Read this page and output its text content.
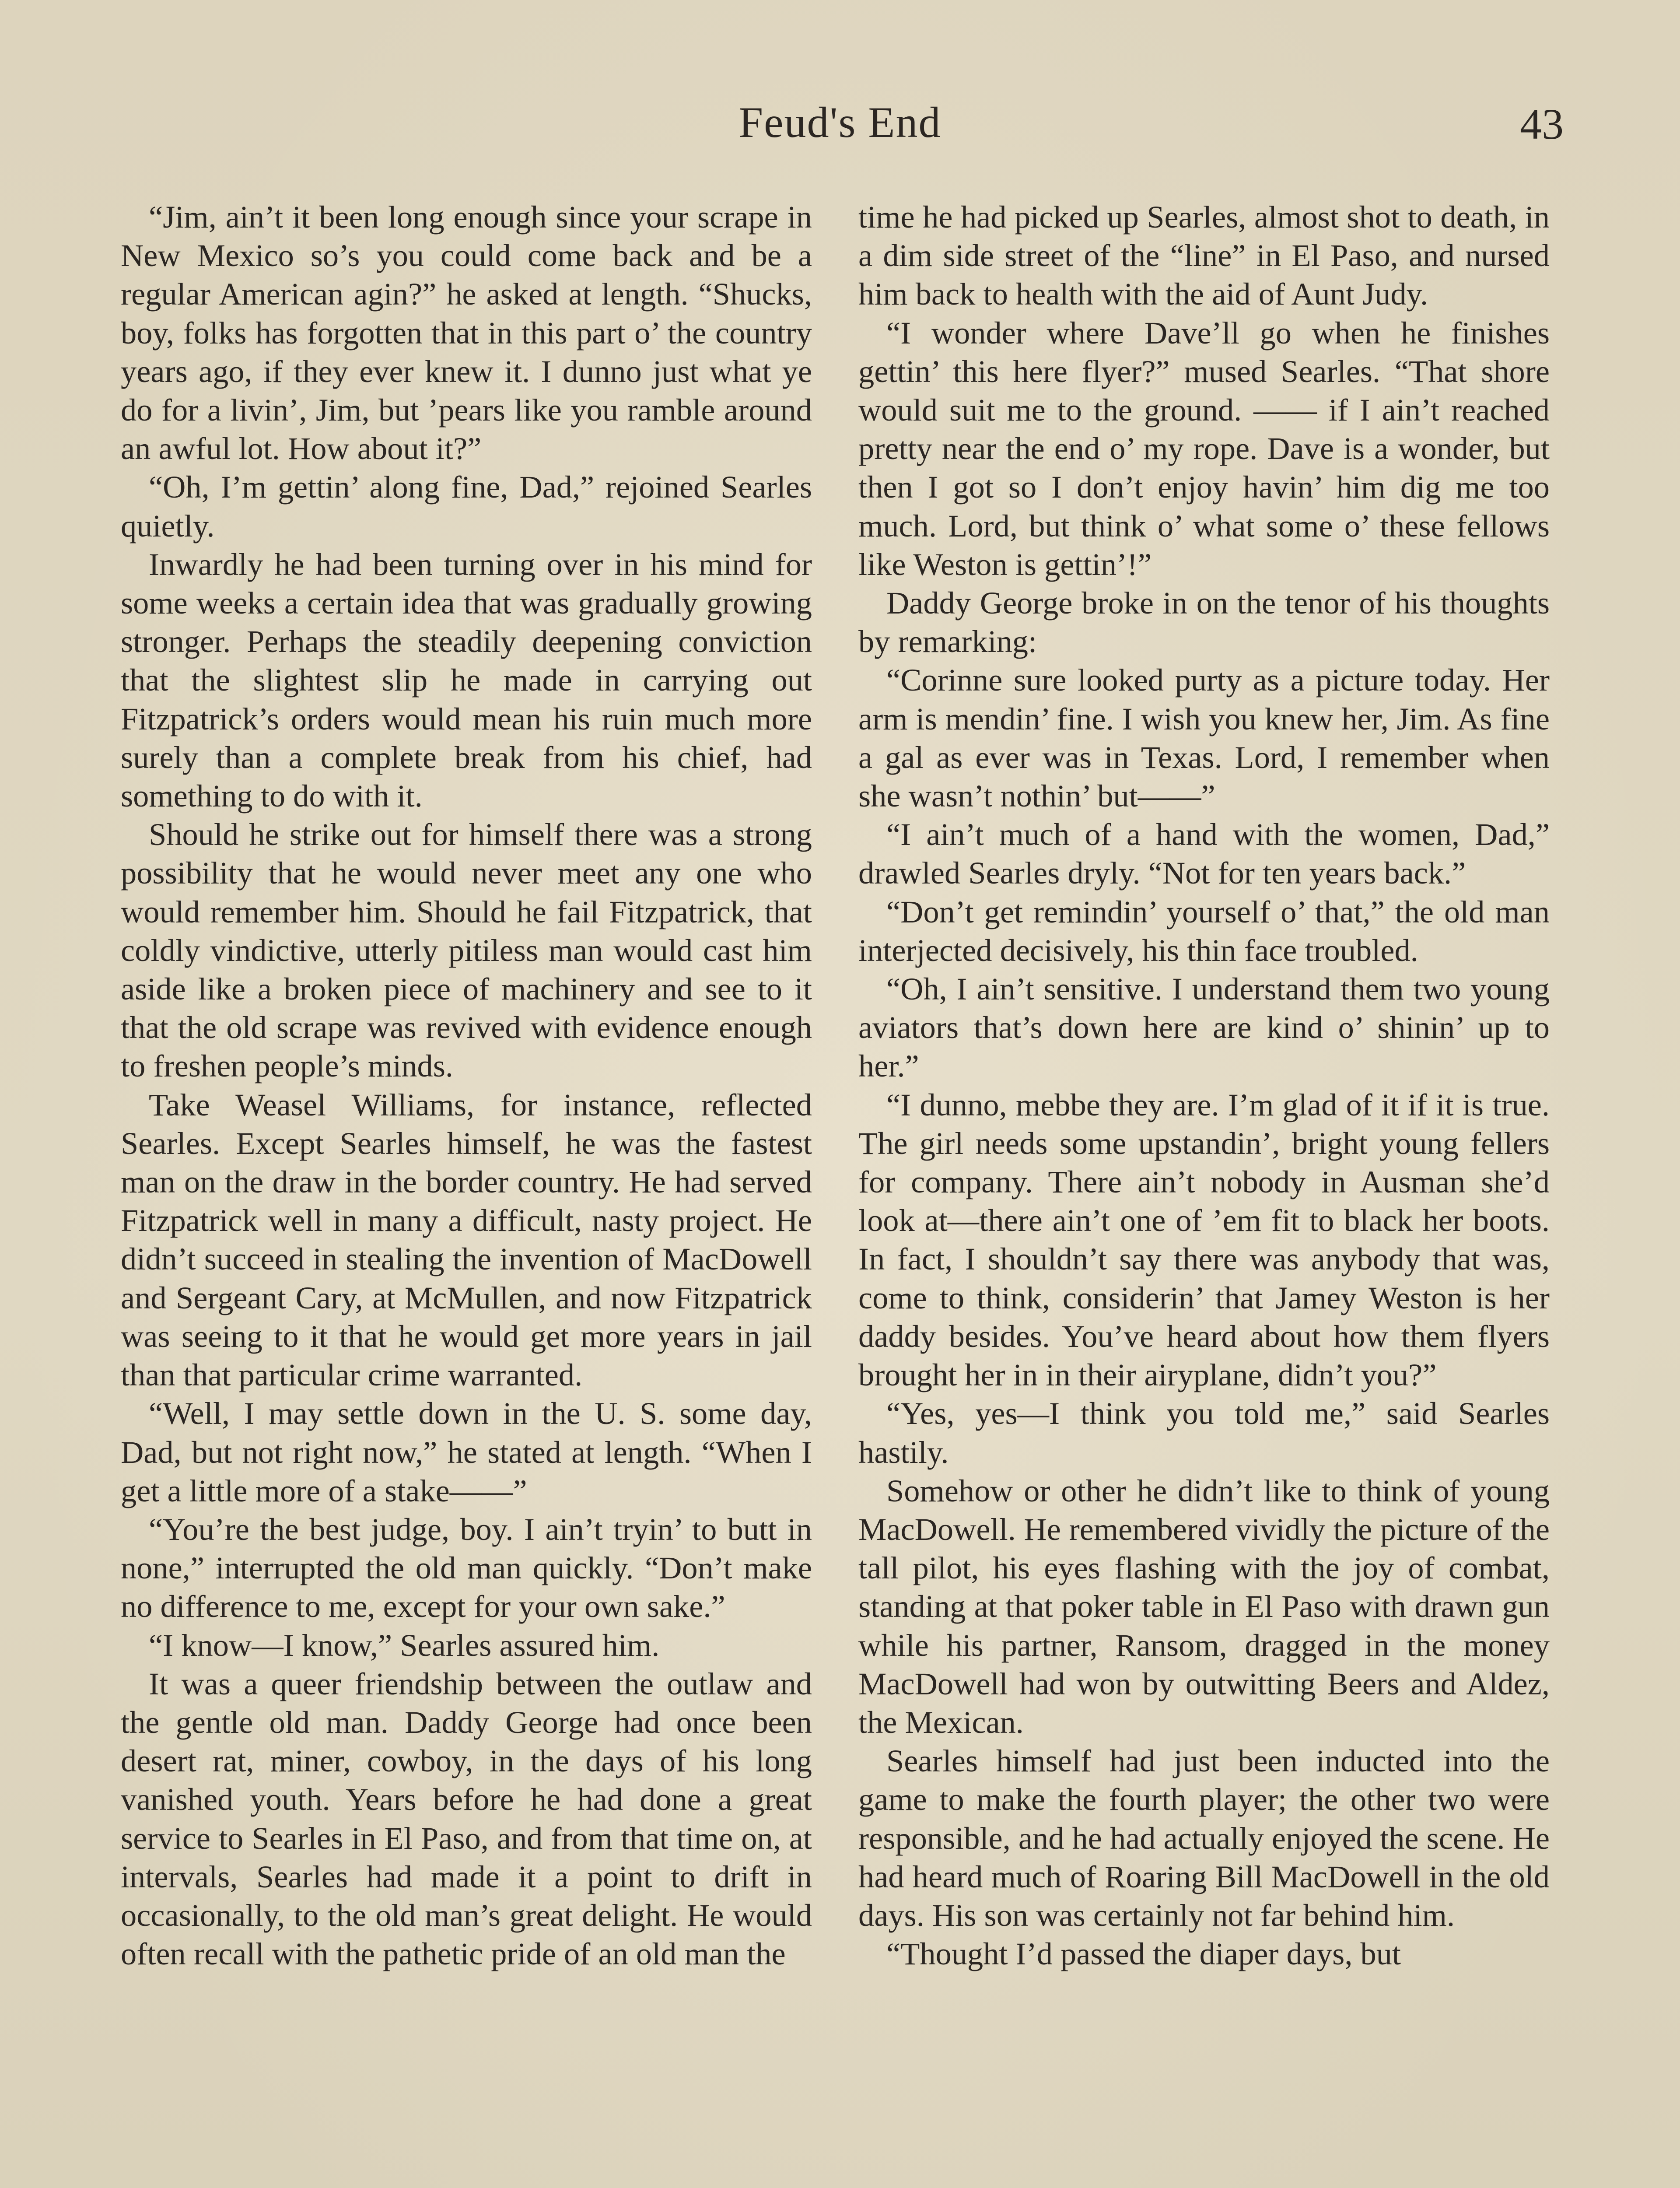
Feud's End	43

“Jim, ain’t it been long enough since your scrape in New Mexico so’s you could come back and be a regular American agin?” he asked at length. “Shucks, boy, folks has forgotten that in this part o’ the country years ago, if they ever knew it. I dunno just what ye do for a livin’, Jim, but ’pears like you ramble around an awful lot. How about it?”

“Oh, I’m gettin’ along fine, Dad,” rejoined Searles quietly.

Inwardly he had been turning over in his mind for some weeks a certain idea that was gradually growing stronger. Perhaps the steadily deepening conviction that the slightest slip he made in carrying out Fitzpatrick’s orders would mean his ruin much more surely than a complete break from his chief, had something to do with it.

Should he strike out for himself there was a strong possibility that he would never meet any one who would remember him. Should he fail Fitzpatrick, that coldly vindictive, utterly pitiless man would cast him aside like a broken piece of machinery and see to it that the old scrape was revived with evidence enough to freshen people’s minds.

Take Weasel Williams, for instance, reflected Searles. Except Searles himself, he was the fastest man on the draw in the border country. He had served Fitzpatrick well in many a difficult, nasty project. He didn’t succeed in stealing the invention of MacDowell and Sergeant Cary, at McMullen, and now Fitzpatrick was seeing to it that he would get more years in jail than that particular crime warranted.

“Well, I may settle down in the U. S. some day, Dad, but not right now,” he stated at length. “When I get a little more of a stake——”

“You’re the best judge, boy. I ain’t tryin’ to butt in none,” interrupted the old man quickly. “Don’t make no difference to me, except for your own sake.”

“I know—I know,” Searles assured him.

It was a queer friendship between the outlaw and the gentle old man. Daddy George had once been desert rat, miner, cowboy, in the days of his long vanished youth. Years before he had done a great service to Searles in El Paso, and from that time on, at intervals, Searles had made it a point to drift in occasionally, to the old man’s great delight. He would often recall with the pathetic pride of an old man the

time he had picked up Searles, almost shot to death, in a dim side street of the “line” in El Paso, and nursed him back to health with the aid of Aunt Judy.

“I wonder where Dave’ll go when he finishes gettin’ this here flyer?” mused Searles. “That shore would suit me to the ground. —— if I ain’t reached pretty near the end o’ my rope. Dave is a wonder, but then I got so I don’t enjoy havin’ him dig me too much. Lord, but think o’ what some o’ these fellows like Weston is gettin’!”

Daddy George broke in on the tenor of his thoughts by remarking:

“Corinne sure looked purty as a picture today. Her arm is mendin’ fine. I wish you knew her, Jim. As fine a gal as ever was in Texas. Lord, I remember when she wasn’t nothin’ but——”

“I ain’t much of a hand with the women, Dad,” drawled Searles dryly. “Not for ten years back.”

“Don’t get remindin’ yourself o’ that,” the old man interjected decisively, his thin face troubled.

“Oh, I ain’t sensitive. I understand them two young aviators that’s down here are kind o’ shinin’ up to her.”

“I dunno, mebbe they are. I’m glad of it if it is true. The girl needs some upstandin’, bright young fellers for company. There ain’t nobody in Ausman she’d look at—there ain’t one of ’em fit to black her boots. In fact, I shouldn’t say there was anybody that was, come to think, considerin’ that Jamey Weston is her daddy besides. You’ve heard about how them flyers brought her in in their airyplane, didn’t you?”

“Yes, yes—I think you told me,” said Searles hastily.

Somehow or other he didn’t like to think of young MacDowell. He remembered vividly the picture of the tall pilot, his eyes flashing with the joy of combat, standing at that poker table in El Paso with drawn gun while his partner, Ransom, dragged in the money MacDowell had won by outwitting Beers and Aldez, the Mexican.

Searles himself had just been inducted into the game to make the fourth player; the other two were responsible, and he had actually enjoyed the scene. He had heard much of Roaring Bill MacDowell in the old days. His son was certainly not far behind him.

“Thought I’d passed the diaper days, but
